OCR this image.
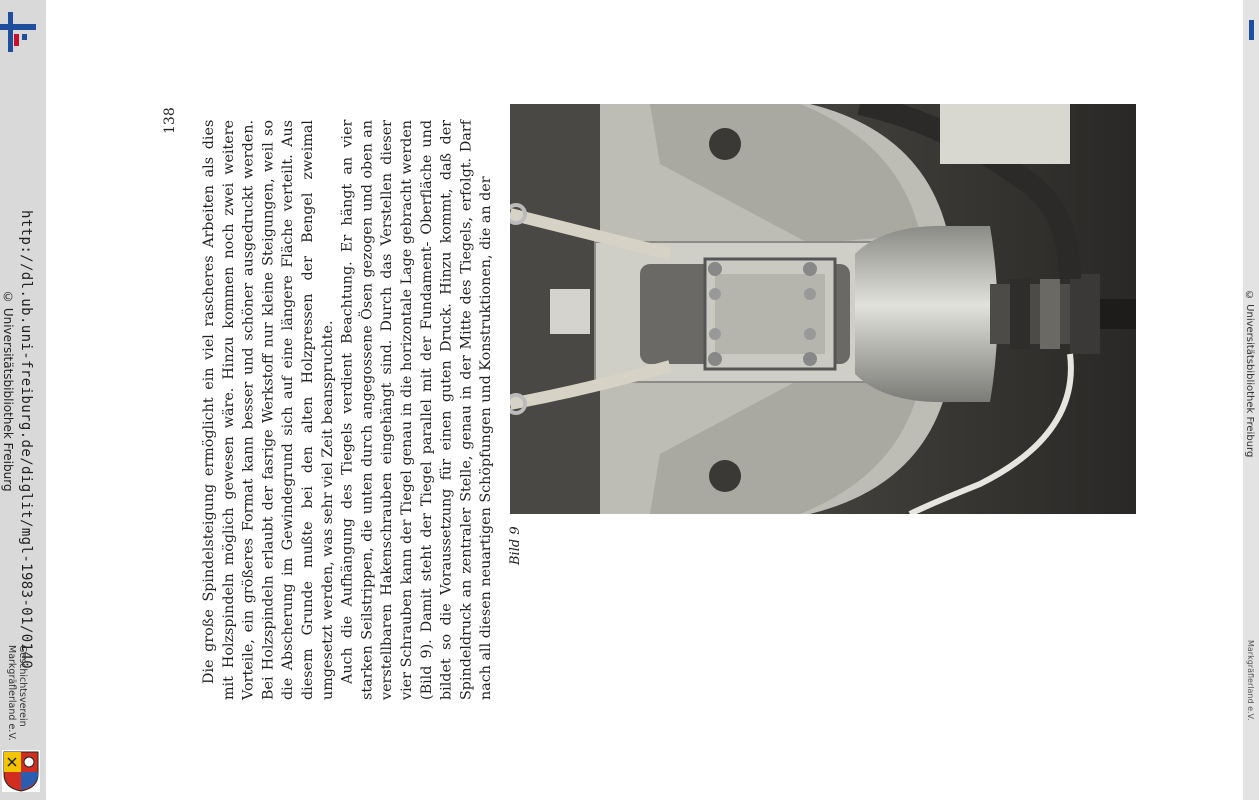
http://dl.ub.uni-freiburg.de/diglit/mgl-1983-01/0140
© Universitätsbibliothek Freiburg
Geschichtsverein
Markgräflerland e.V.
© Universitätsbibliothek Freiburg
Markgräflerland e.V.
138 Die große Spindelsteigung ermöglicht ein viel rascheres Arbeiten als dies mit Holzspindeln möglich gewesen wäre. Hinzu kommen noch zwei weitere Vorteile, ein größeres Format kann besser und schöner ausgedruckt werden. Bei Holzspindeln erlaubt der fasrige Werkstoff nur kleine Steigungen, weil so die Abscherung im Gewindegrund sich auf eine längere Fläche verteilt. Aus diesem Grunde mußte bei den alten Holzpressen der Bengel zweimal umgesetzt werden, was sehr viel Zeit beanspruchte. Auch die Aufhängung des Tiegels verdient Beachtung. Er hängt an vier starken Seilstrippen, die unten durch angegossene Ösen gezogen und oben an verstellbaren Hakenschrauben eingehängt sind. Durch das Verstellen dieser vier Schrauben kann der Tiegel genau in die horizontale Lage gebracht werden (Bild 9). Damit steht der Tiegel parallel mit der Fundament- Oberfläche und bildet so die Voraussetzung für einen guten Druck. Hinzu kommt, daß der Spindeldruck an zentraler Stelle, genau in der Mitte des Tiegels, erfolgt. Darf nach all diesen neuartigen Schöpfungen und Konstruktionen, die an der Bild 9
